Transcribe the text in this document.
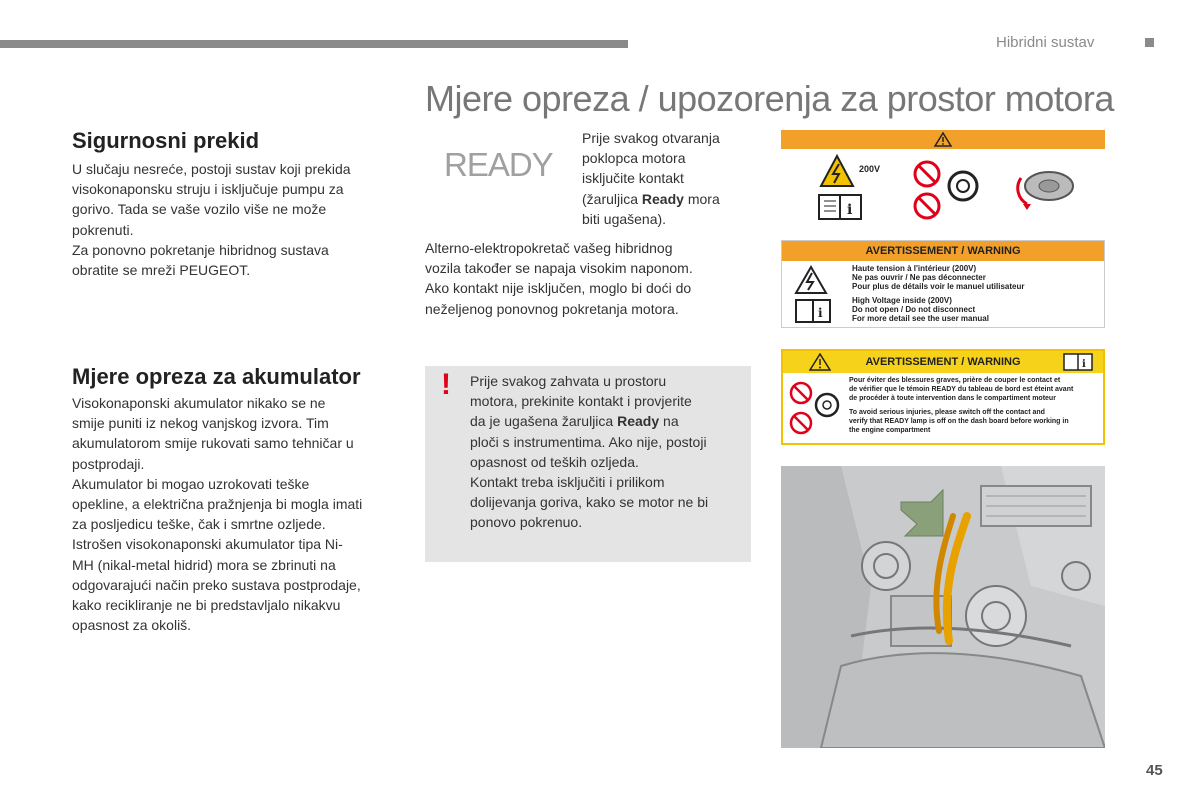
Hibridni sustav
Mjere opreza / upozorenja za prostor motora
Sigurnosni prekid

U slučaju nesreće, postoji sustav koji prekida

visokonaponsku struju i isključuje pumpu za

gorivo. Tada se vaše vozilo više ne može

pokrenuti.

Za ponovno pokretanje hibridnog sustava

obratite se mreži PEUGEOT.

Mjere opreza za akumulator

Visokonaponski akumulator nikako se ne

smije puniti iz nekog vanjskog izvora. Tim

akumulatorom smije rukovati samo tehničar u

postprodaji.

Akumulator bi mogao uzrokovati teške

opekline, a električna pražnjenja bi mogla imati

za posljedicu teške, čak i smrtne ozljede.

Istrošen visokonaponski akumulator tipa Ni-

MH (nikal-metal hidrid) mora se zbrinuti na

odgovarajući način preko sustava postprodaje,

kako recikliranje ne bi predstavljalo nikakvu

opasnost za okoliš.

READY

Prije svakog otvaranja

poklopca motora

isključite kontakt

(žaruljica Ready mora

biti ugašena).

Alterno-elektropokretač vašeg hibridnog

vozila također se napaja visokim naponom.

Ako kontakt nije isključen, moglo bi doći do

neželjenog ponovnog pokretanja motora.

! Prije svakog zahvata u prostoru

motora, prekinite kontakt i provjerite

da je ugašena žaruljica Ready na

ploči s instrumentima. Ako nije, postoji

opasnost od teških ozljeda.

Kontakt treba isključiti i prilikom

dolijevanja goriva, kako se motor ne bi

ponovo pokrenuo.

200V
i
AVERTISSEMENT / WARNING
i
Haute tension à l'intérieur (200V)
Ne pas ouvrir / Ne pas déconnecter
Pour plus de détails voir le manuel utilisateur
High Voltage inside (200V)
Do not open / Do not disconnect
For more detail see the user manual
AVERTISSEMENT / WARNING	i
Pour éviter des blessures graves, prière de couper le contact et
de vérifier que le témoin READY du tableau de bord est éteint avant
de procéder à toute intervention dans le compartiment moteur
To avoid serious injuries, please switch off the contact and
verify that READY lamp is off on the dash board before working in
the engine compartment
45
